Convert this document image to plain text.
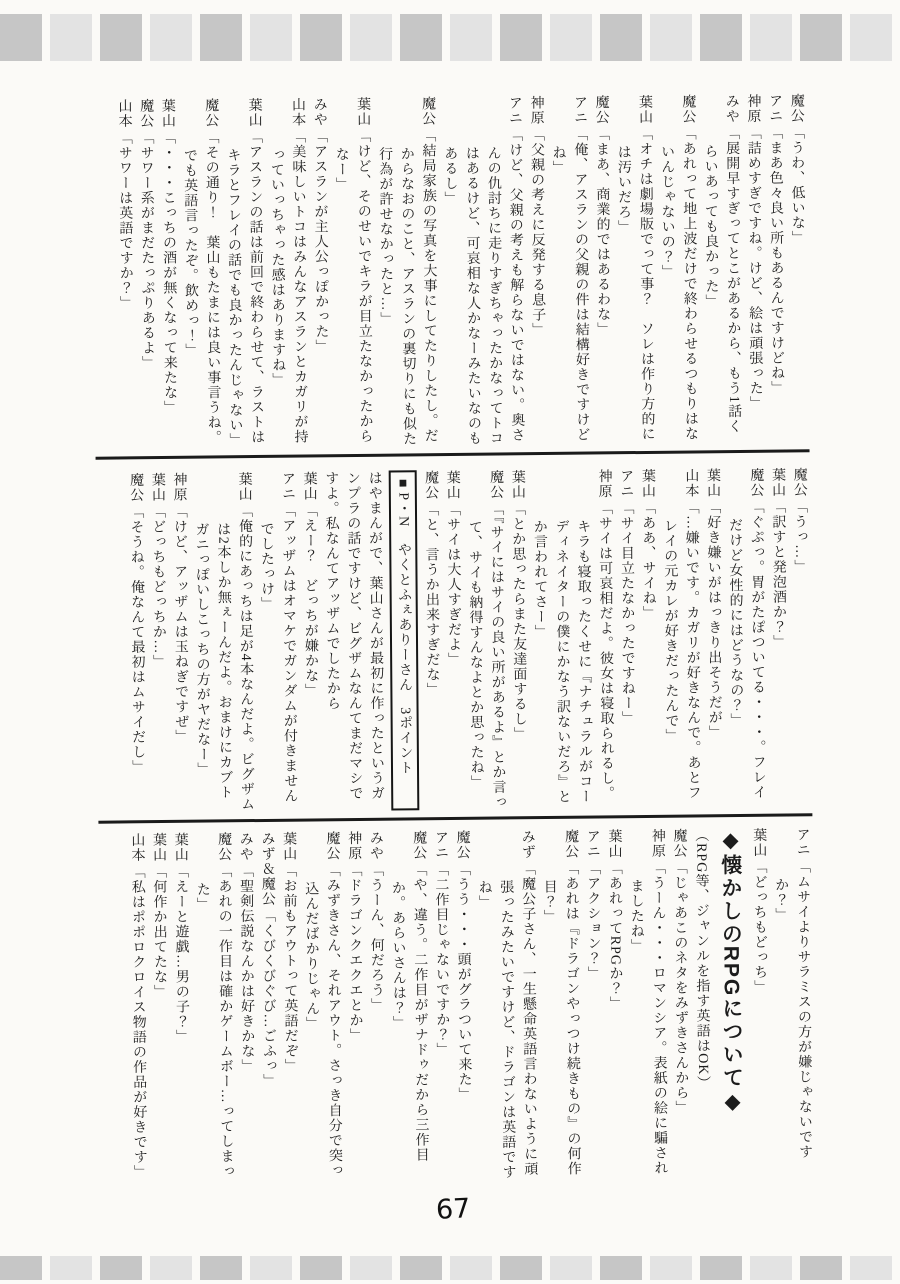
魔公「うわ、低いな」
アニ「まあ色々良い所もあるんですけどね」
神原「詰めすぎですね。けど、絵は頑張った」
みや「展開早すぎってとこがあるから、もう1話くらいあっても良かった」
魔公「あれって地上波だけで終わらせるつもりはないんじゃないの？」
葉山「オチは劇場版でって事？　ソレは作り方的には汚いだろ」
魔公「まあ、商業的ではあるわな」
アニ「俺、アスランの父親の件は結構好きですけどね」
神原「父親の考えに反発する息子」
アニ「けど、父親の考えも解らないではない。奥さんの仇討ちに走りすぎちゃったかなってトコはあるけど、可哀相な人かなーみたいなのもあるし」
魔公「結局家族の写真を大事にしてたりしたし。だからなおのこと、アスランの裏切りにも似た行為が許せなかったと…」
葉山「けど、そのせいでキラが目立たなかったからなー」
みや「アスランが主人公っぽかった」
山本「美味しいトコはみんなアスランとカガリが持っていっちゃった感はありますね」
葉山「アスランの話は前回で終わらせて、ラストはキラとフレイの話でも良かったんじゃない」
魔公「その通り！　葉山もたまには良い事言うね。でも英語言ったぞ。飲めっ！」
葉山「・・・こっちの酒が無くなって来たな」
魔公「サワー系がまだたっぷりあるよ」
山本「サワーは英語ですか？」
魔公「うっ…」
葉山「訳すと発泡酒か？」
魔公「ぐぷっ。胃がたぽついてる・・・。フレイだけど女性的にはどうなの？」
葉山「好き嫌いがはっきり出そうだが」
山本「…嫌いです。カガリが好きなんで。あとフレイの元カレが好きだったんで」
葉山「ああ、サイね」
アニ「サイ目立たなかったですねー」
神原「サイは可哀相だよ。彼女は寝取られるし。キラも寝取ったくせに『ナチュラルがコーディネイターの僕にかなう訳ないだろ』とか言われてさー」
葉山「とか思ったらまた友達面するし」
魔公「『サイにはサイの良い所があるよ』とか言って、サイも納得すんなよとか思ったね」
葉山「サイは大人すぎだよ」
魔公「と、言うか出来すぎだな」
■P・N　やくとふぇありーさん　3ポイント
はやまんがで、葉山さんが最初に作ったというガンプラの話ですけど、ビグザムなんてまだマシですよ。私なんてアッザムでしたから
葉山「えー？　どっちが嫌かな」
アニ「アッザムはオマケでガンダムが付きませんでしたっけ」
葉山「俺的にあっちは足が4本なんだよ。ビグザムは2本しか無ぇーんだよ。おまけにカブトガニっぽいしこっちの方がヤだなー」
神原「けど、アッザムは玉ねぎですぜ」
葉山「どっちもどっちか…」
魔公「そうね。俺なんて最初はムサイだし」
アニ「ムサイよりサラミスの方が嫌じゃないですか？」
葉山「どっちもどっち」
◆懐かしのRPGについて◆
（RPG等、ジャンルを指す英語はOK）
魔公「じゃあこのネタをみずきさんから」
神原「うーん・・・ロマンシア。表紙の絵に騙されましたね」
葉山「あれってRPGか？」
アニ「アクション？」
魔公「あれは『ドラゴンやっつけ続きもの』の何作目？」
みず「魔公子さん、一生懸命英語言わないように頑張ったみたいですけど、ドラゴンは英語ですね」
魔公「うう・・・頭がグラついて来た」
アニ「二作目じゃないですか？」
魔公「や、違う。二作目がザナドゥだから三作目か。あらいさんは？」
みや「うーん、何だろう」
神原「ドラゴンクエクエとか」
魔公「みずきさん、それアウト。さっき自分で突っ込んだばかりじゃん」
葉山「お前もアウトって英語だぞ」
みず＆魔公「くびくびぐび…ごふっ」
みや「聖剣伝説なんかは好きかな」
魔公「あれの一作目は確かゲームボー…ってしまった」
葉山「えーと遊戯…男の子？」
葉山「何作か出てたな」
山本「私はポポロクロイス物語の作品が好きです」
67
